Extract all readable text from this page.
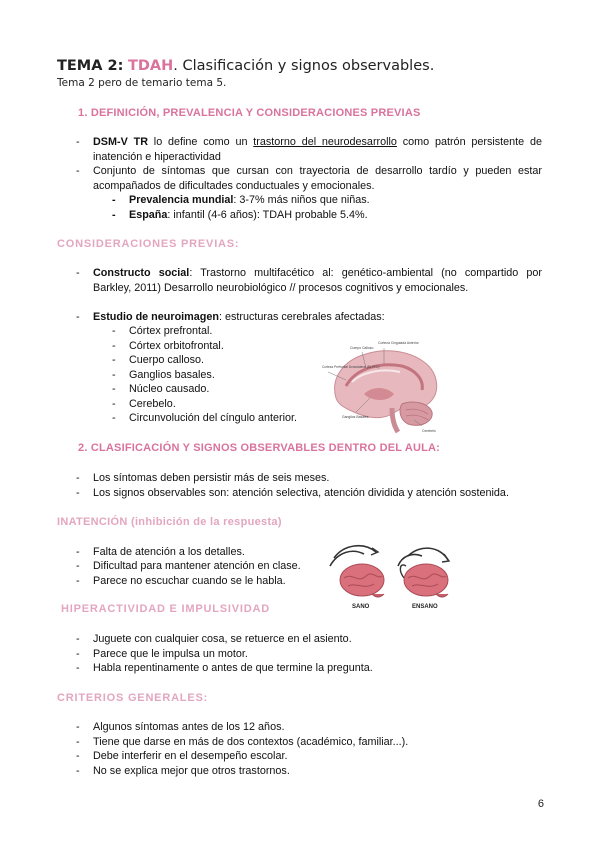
TEMA 2: TDAH. Clasificación y signos observables.
Tema 2 pero de temario tema 5.
1. DEFINICIÓN, PREVALENCIA Y CONSIDERACIONES PREVIAS
- DSM-V TR lo define como un trastorno del neurodesarrollo como patrón persistente de inatención e hiperactividad
- Conjunto de síntomas que cursan con trayectoria de desarrollo tardío y pueden estar acompañados de dificultades conductuales y emocionales.
- Prevalencia mundial: 3-7% más niños que niñas.
- España: infantil (4-6 años): TDAH probable 5.4%.
CONSIDERACIONES PREVIAS:
- Constructo social: Trastorno multifacético al: genético-ambiental (no compartido por Barkley, 2011) Desarrollo neurobiológico // procesos cognitivos y emocionales.
- Estudio de neuroimagen: estructuras cerebrales afectadas:
- Córtex prefrontal.
- Córtex orbitofrontal.
- Cuerpo calloso.
- Ganglios basales.
- Núcleo causado.
- Cerebelo.
- Circunvolución del cíngulo anterior.
Corteza Cingulada Anterior
Cuerpo Calloso
Corteza Prefrontal Dorsolateral (DLPFC)
Ganglios Basales
Cerebelo
2. CLASIFICACIÓN Y SIGNOS OBSERVABLES DENTRO DEL AULA:
- Los síntomas deben persistir más de seis meses.
- Los signos observables son: atención selectiva, atención dividida y atención sostenida.
INATENCIÓN (inhibición de la respuesta)
- Falta de atención a los detalles.
- Dificultad para mantener atención en clase.
- Parece no escuchar cuando se le habla.
SANO	ENSANO
HIPERACTIVIDAD E IMPULSIVIDAD
- Juguete con cualquier cosa, se retuerce en el asiento.
- Parece que le impulsa un motor.
- Habla repentinamente o antes de que termine la pregunta.
CRITERIOS GENERALES:
- Algunos síntomas antes de los 12 años.
- Tiene que darse en más de dos contextos (académico, familiar...).
- Debe interferir en el desempeño escolar.
- No se explica mejor que otros trastornos.
6
